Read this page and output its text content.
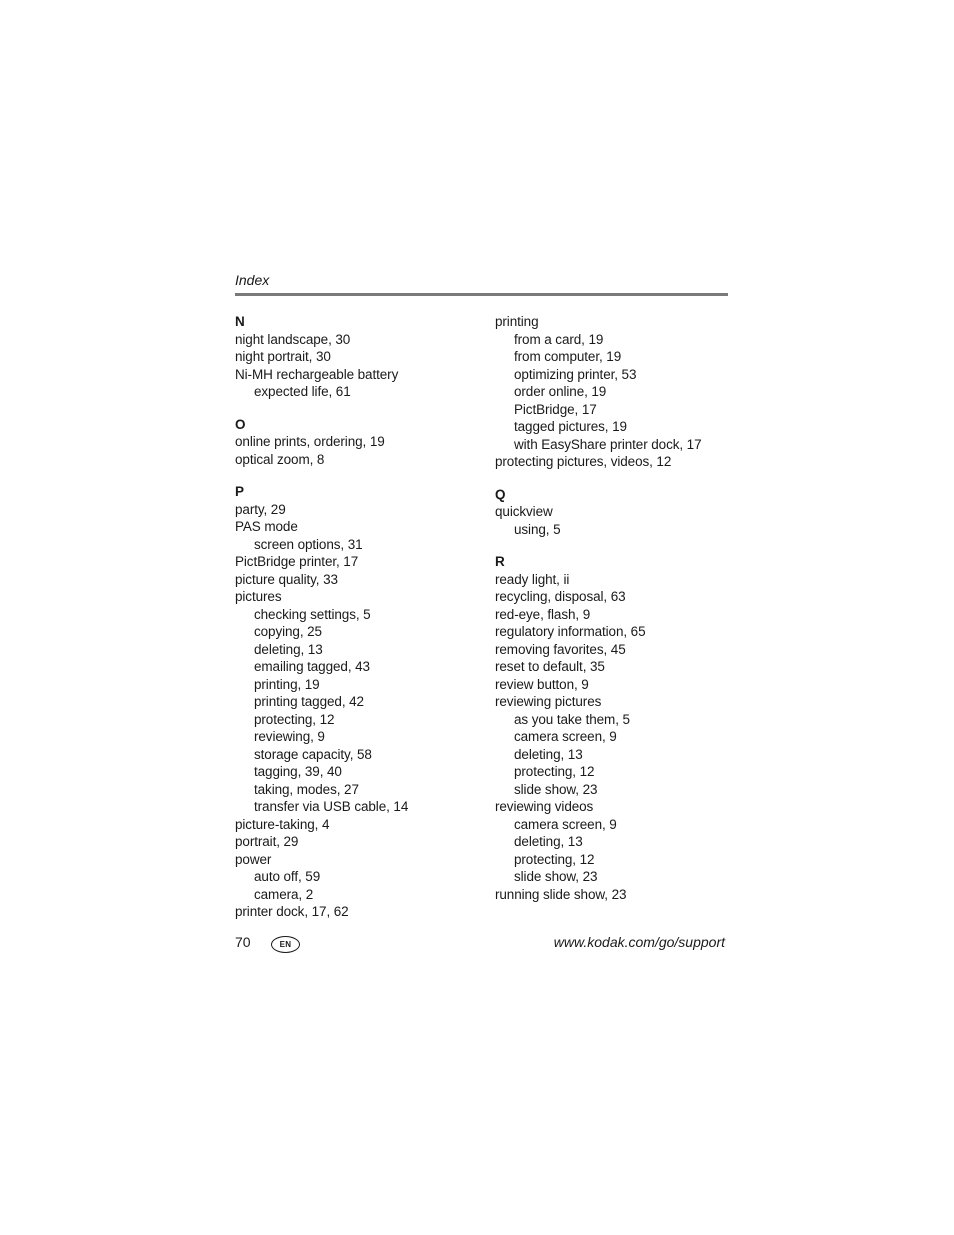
Index
N
night landscape, 30
night portrait, 30
Ni-MH rechargeable battery
expected life, 61
O
online prints, ordering, 19
optical zoom, 8
P
party, 29
PAS mode
screen options, 31
PictBridge printer, 17
picture quality, 33
pictures
checking settings, 5
copying, 25
deleting, 13
emailing tagged, 43
printing, 19
printing tagged, 42
protecting, 12
reviewing, 9
storage capacity, 58
tagging, 39, 40
taking, modes, 27
transfer via USB cable, 14
picture-taking, 4
portrait, 29
power
auto off, 59
camera, 2
printer dock, 17, 62
printing
from a card, 19
from computer, 19
optimizing printer, 53
order online, 19
PictBridge, 17
tagged pictures, 19
with EasyShare printer dock, 17
protecting pictures, videos, 12
Q
quickview
using, 5
R
ready light, ii
recycling, disposal, 63
red-eye, flash, 9
regulatory information, 65
removing favorites, 45
reset to default, 35
review button, 9
reviewing pictures
as you take them, 5
camera screen, 9
deleting, 13
protecting, 12
slide show, 23
reviewing videos
camera screen, 9
deleting, 13
protecting, 12
slide show, 23
running slide show, 23
70	EN	www.kodak.com/go/support
